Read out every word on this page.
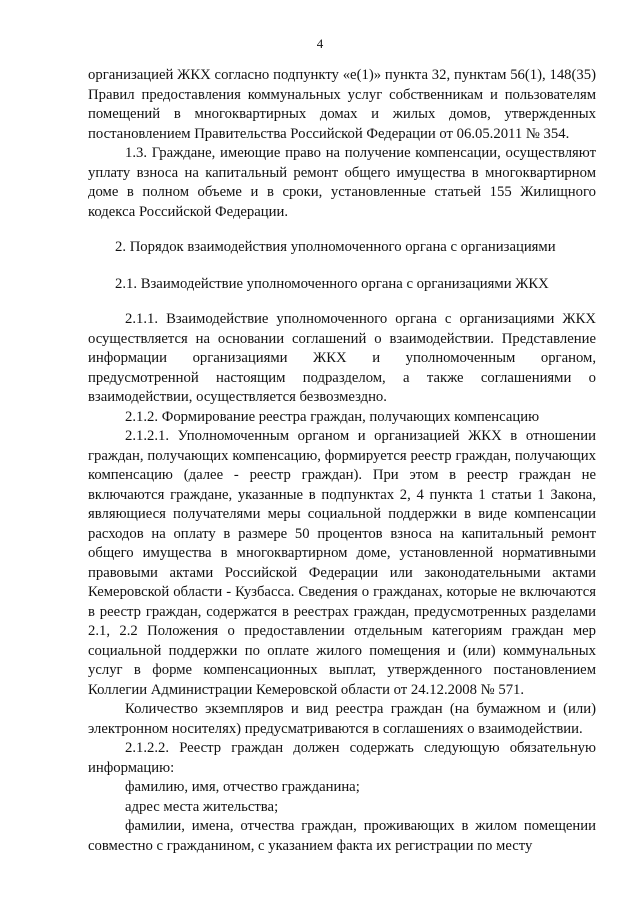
4

организацией ЖКХ согласно подпункту «е(1)» пункта 32, пунктам 56(1), 148(35) Правил предоставления коммунальных услуг собственникам и пользователям помещений в многоквартирных домах и жилых домов, утвержденных постановлением Правительства Российской Федерации от 06.05.2011 № 354.

1.3. Граждане, имеющие право на получение компенсации, осуществляют уплату взноса на капитальный ремонт общего имущества в многоквартирном доме в полном объеме и в сроки, установленные статьей 155 Жилищного кодекса Российской Федерации.

2. Порядок взаимодействия уполномоченного органа с организациями

2.1. Взаимодействие уполномоченного органа с организациями ЖКХ

2.1.1. Взаимодействие уполномоченного органа с организациями ЖКХ осуществляется на основании соглашений о взаимодействии. Представление информации организациями ЖКХ и уполномоченным органом, предусмотренной настоящим подразделом, а также соглашениями о взаимодействии, осуществляется безвозмездно.

2.1.2. Формирование реестра граждан, получающих компенсацию

2.1.2.1. Уполномоченным органом и организацией ЖКХ в отношении граждан, получающих компенсацию, формируется реестр граждан, получающих компенсацию (далее - реестр граждан). При этом в реестр граждан не включаются граждане, указанные в подпунктах 2, 4 пункта 1 статьи 1 Закона, являющиеся получателями меры социальной поддержки в виде компенсации расходов на оплату в размере 50 процентов взноса на капитальный ремонт общего имущества в многоквартирном доме, установленной нормативными правовыми актами Российской Федерации или законодательными актами Кемеровской области - Кузбасса. Сведения о гражданах, которые не включаются в реестр граждан, содержатся в реестрах граждан, предусмотренных разделами 2.1, 2.2 Положения о предоставлении отдельным категориям граждан мер социальной поддержки по оплате жилого помещения и (или) коммунальных услуг в форме компенсационных выплат, утвержденного постановлением Коллегии Администрации Кемеровской области от 24.12.2008 № 571.

Количество экземпляров и вид реестра граждан (на бумажном и (или) электронном носителях) предусматриваются в соглашениях о взаимодействии.

2.1.2.2. Реестр граждан должен содержать следующую обязательную информацию:

фамилию, имя, отчество гражданина;

адрес места жительства;

фамилии, имена, отчества граждан, проживающих в жилом помещении совместно с гражданином, с указанием факта их регистрации по месту
